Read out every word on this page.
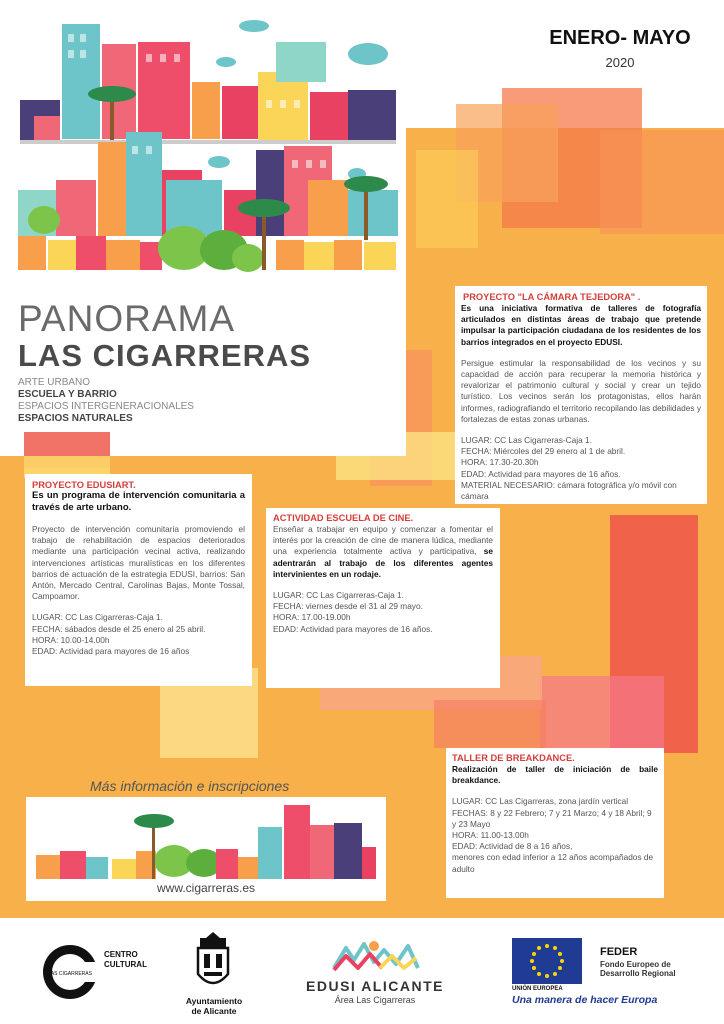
PANORAMA
LAS CIGARRERAS
ARTE URBANO
ESCUELA Y BARRIO
ESPACIOS INTERGENERACIONALES
ESPACIOS NATURALES
ENERO- MAYO
2020
PROYECTO "LA CÁMARA TEJEDORA" .

Es una iniciativa formativa de talleres de fotografía articulados en distintas áreas de trabajo que pretende impulsar la participación ciudadana de los residentes de los barrios integrados en el proyecto EDUSI.

Persigue estimular la responsabilidad de los vecinos y su capacidad de acción para recuperar la memoria histórica y revalorizar el patrimonio cultural y social y crear un tejido turístico. Los vecinos serán los protagonistas, ellos harán informes, radiografiando el territorio recopilando las debilidades y fortalezas de estas zonas urbanas.

LUGAR: CC Las Cigarreras-Caja 1.

FECHA: Miércoles del 29 enero al 1 de abril.

HORA: 17.30-20.30h

EDAD: Actividad para mayores de 16 años.

MATERIAL NECESARIO: cámara fotográfica y/o móvil con cámara

PROYECTO EDUSIART.

Es un programa de intervención comunitaria a través de arte urbano.

Proyecto de intervención comunitaria promoviendo el trabajo de rehabilitación de espacios deteriorados mediante una participación vecinal activa, realizando intervenciones artísticas muralísticas en los diferentes barrios de actuación de la estrategia EDUSI, barrios: San Antón, Mercado Central, Carolinas Bajas, Monte Tossal, Campoamor.

LUGAR: CC Las Cigarreras-Caja 1.

FECHA: sábados desde el 25 enero al 25 abril.

HORA: 10.00-14.00h

EDAD: Actividad para mayores de 16 años

ACTIVIDAD ESCUELA DE CINE.

Enseñar a trabajar en equipo y comenzar a fomentar el interés por la creación de cine de manera lúdica, mediante una experiencia totalmente activa y participativa, se adentrarán al trabajo de los diferentes agentes intervinientes en un rodaje.

LUGAR: CC Las Cigarreras-Caja 1.

FECHA: viernes desde el 31 al 29 mayo.

HORA: 17.00-19.00h

EDAD: Actividad para mayores de 16 años.

TALLER DE BREAKDANCE.

Realización de taller de iniciación de baile breakdance.

LUGAR: CC Las Cigarreras, zona jardín vertical

FECHAS: 8 y 22 Febrero; 7 y 21 Marzo; 4 y 18 Abril; 9 y 23 Mayo

HORA: 11.00-13.00h

EDAD: Actividad de 8 a 16 años,

menores con edad inferior a 12 años acompañados de adulto

Más información e inscripciones
www.cigarreras.es
LAS CIGARRERAS
CENTRO
CULTURAL
Ayuntamiento
de Alicante
EDUSI ALICANTE
Área Las Cigarreras
UNIÓN EUROPEA
FEDER
Fondo Europeo de
Desarrollo Regional
Una manera de hacer Europa
